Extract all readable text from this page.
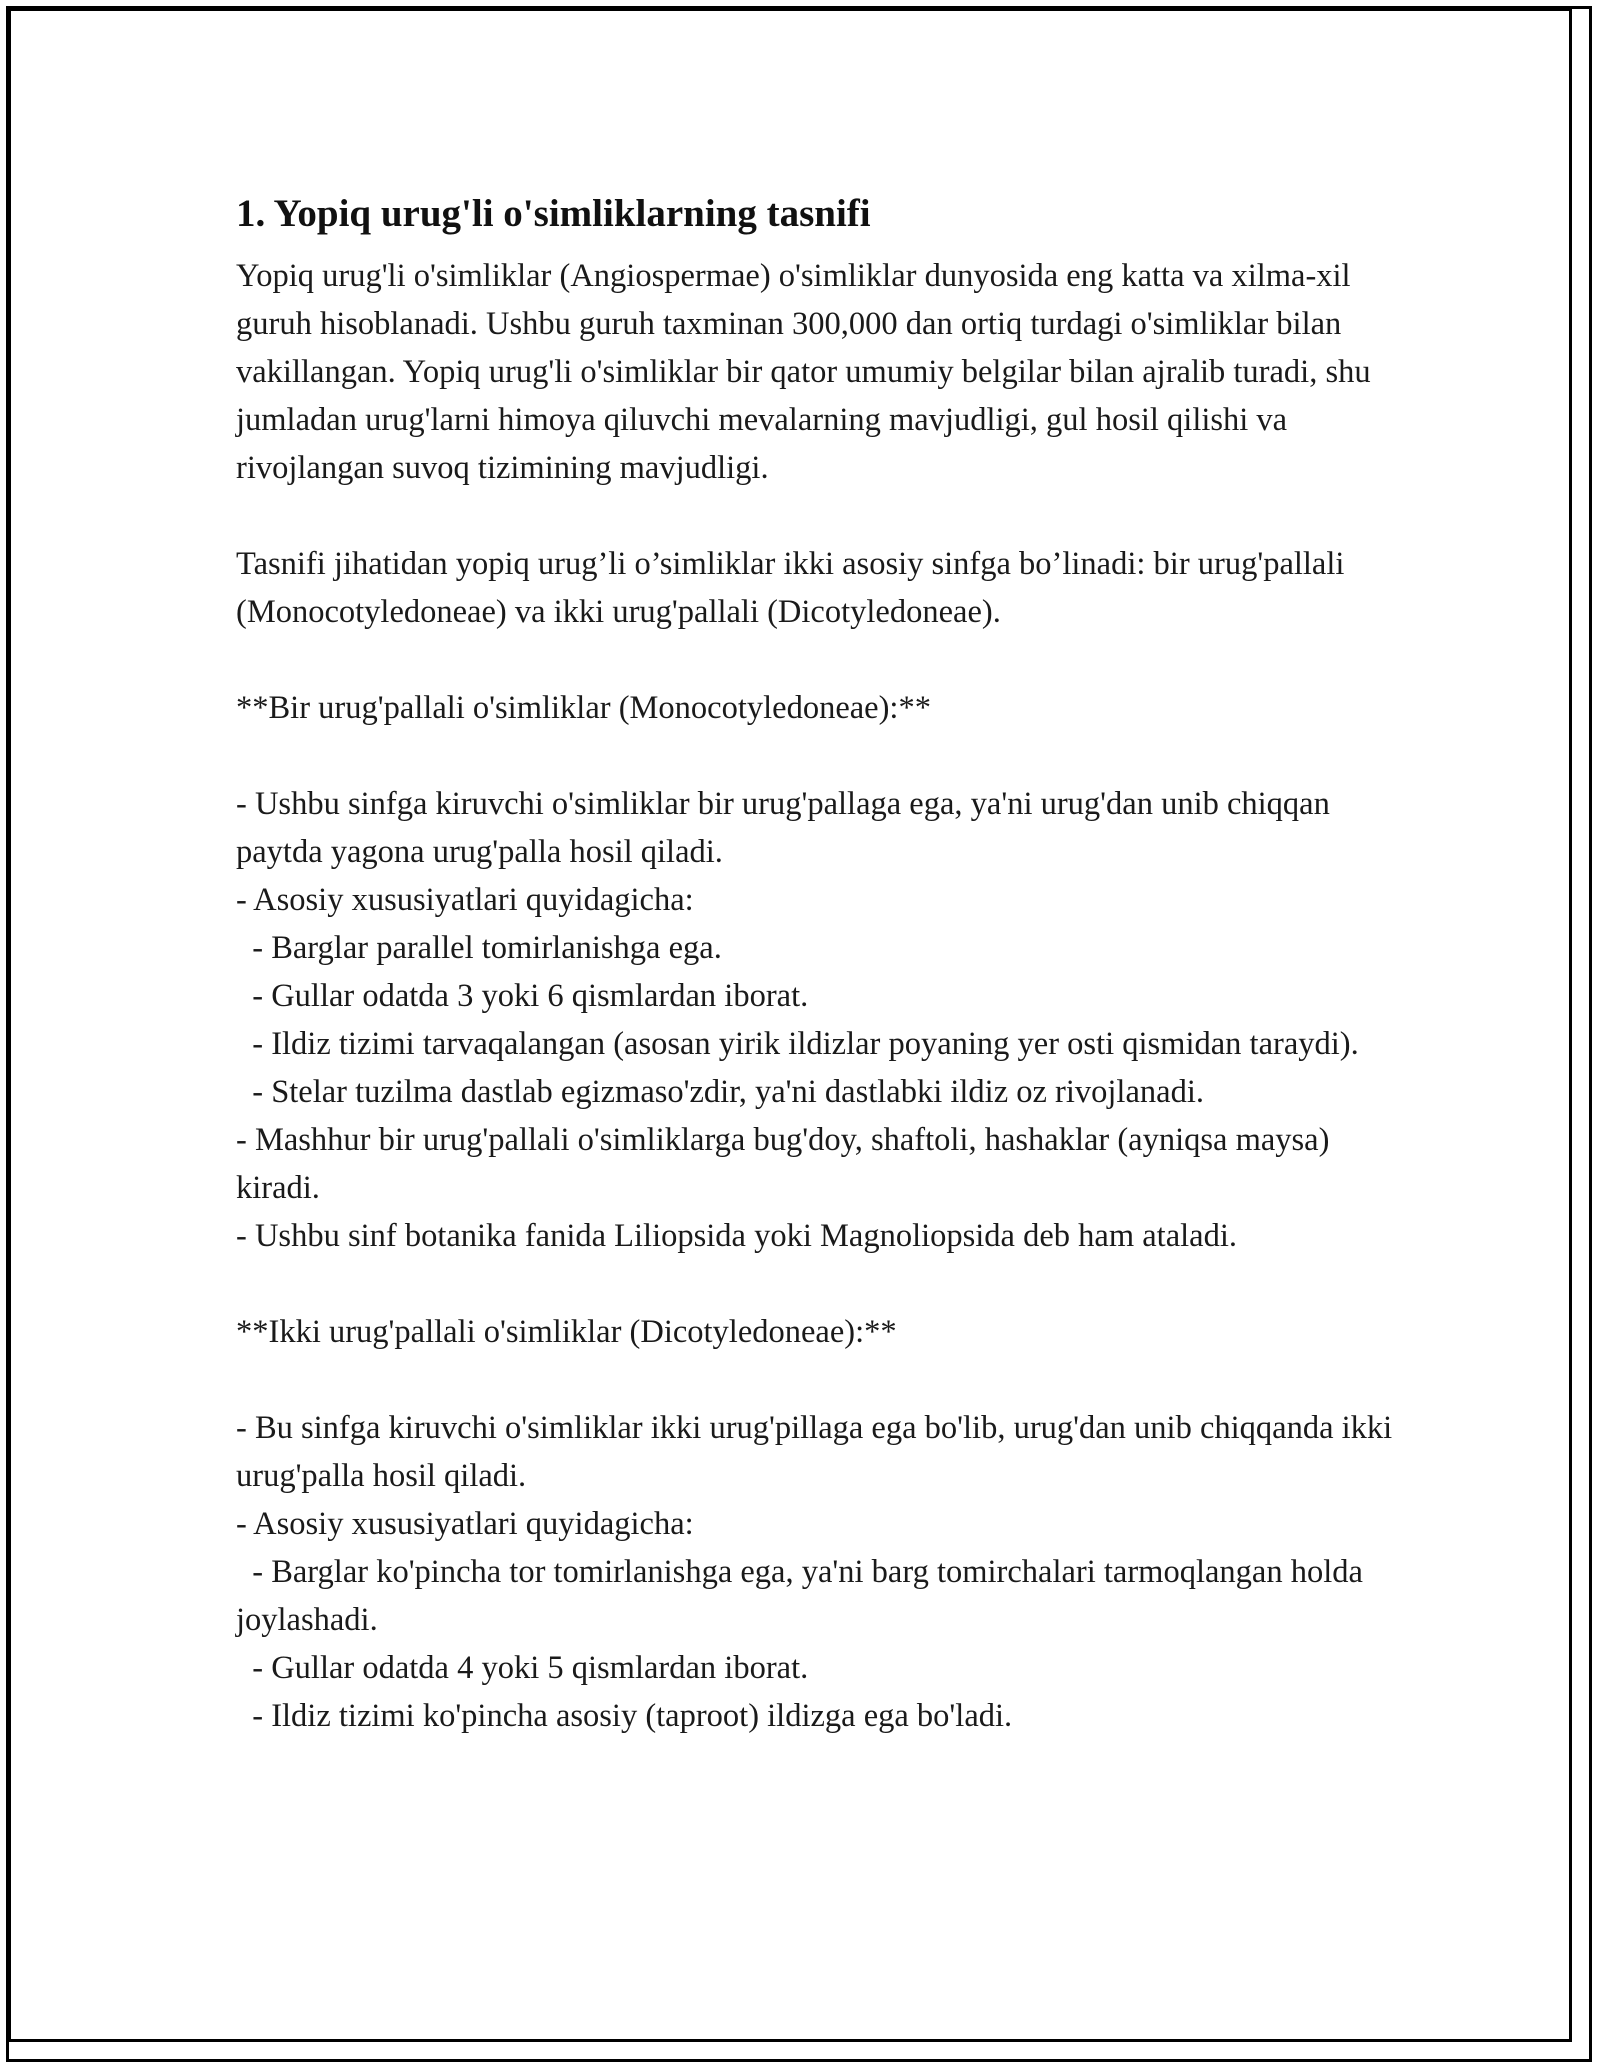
1. Yopiq urug'li o'simliklarning tasnifi

Yopiq urug'li o'simliklar (Angiospermae) o'simliklar dunyosida eng katta va xilma-xil guruh hisoblanadi. Ushbu guruh taxminan 300,000 dan ortiq turdagi o'simliklar bilan vakillangan. Yopiq urug'li o'simliklar bir qator umumiy belgilar bilan ajralib turadi, shu jumladan urug'larni himoya qiluvchi mevalarning mavjudligi, gul hosil qilishi va rivojlangan suvoq tizimining mavjudligi.

Tasnifi jihatidan yopiq urug’li o’simliklar ikki asosiy sinfga bo’linadi: bir urug'pallali (Monocotyledoneae) va ikki urug'pallali (Dicotyledoneae).

**Bir urug'pallali o'simliklar (Monocotyledoneae):**

- Ushbu sinfga kiruvchi o'simliklar bir urug'pallaga ega, ya'ni urug'dan unib chiqqan paytda yagona urug'palla hosil qiladi.

- Asosiy xususiyatlari quyidagicha:

- Barglar parallel tomirlanishga ega.

- Gullar odatda 3 yoki 6 qismlardan iborat.

- Ildiz tizimi tarvaqalangan (asosan yirik ildizlar poyaning yer osti qismidan taraydi).

- Stelar tuzilma dastlab egizmaso'zdir, ya'ni dastlabki ildiz oz rivojlanadi.

- Mashhur bir urug'pallali o'simliklarga bug'doy, shaftoli, hashaklar (ayniqsa maysa) kiradi.

- Ushbu sinf botanika fanida Liliopsida yoki Magnoliopsida deb ham ataladi.

**Ikki urug'pallali o'simliklar (Dicotyledoneae):**

- Bu sinfga kiruvchi o'simliklar ikki urug'pillaga ega bo'lib, urug'dan unib chiqqanda ikki urug'palla hosil qiladi.

- Asosiy xususiyatlari quyidagicha:

- Barglar ko'pincha tor tomirlanishga ega, ya'ni barg tomirchalari tarmoqlangan holda joylashadi.

- Gullar odatda 4 yoki 5 qismlardan iborat.

- Ildiz tizimi ko'pincha asosiy (taproot) ildizga ega bo'ladi.
